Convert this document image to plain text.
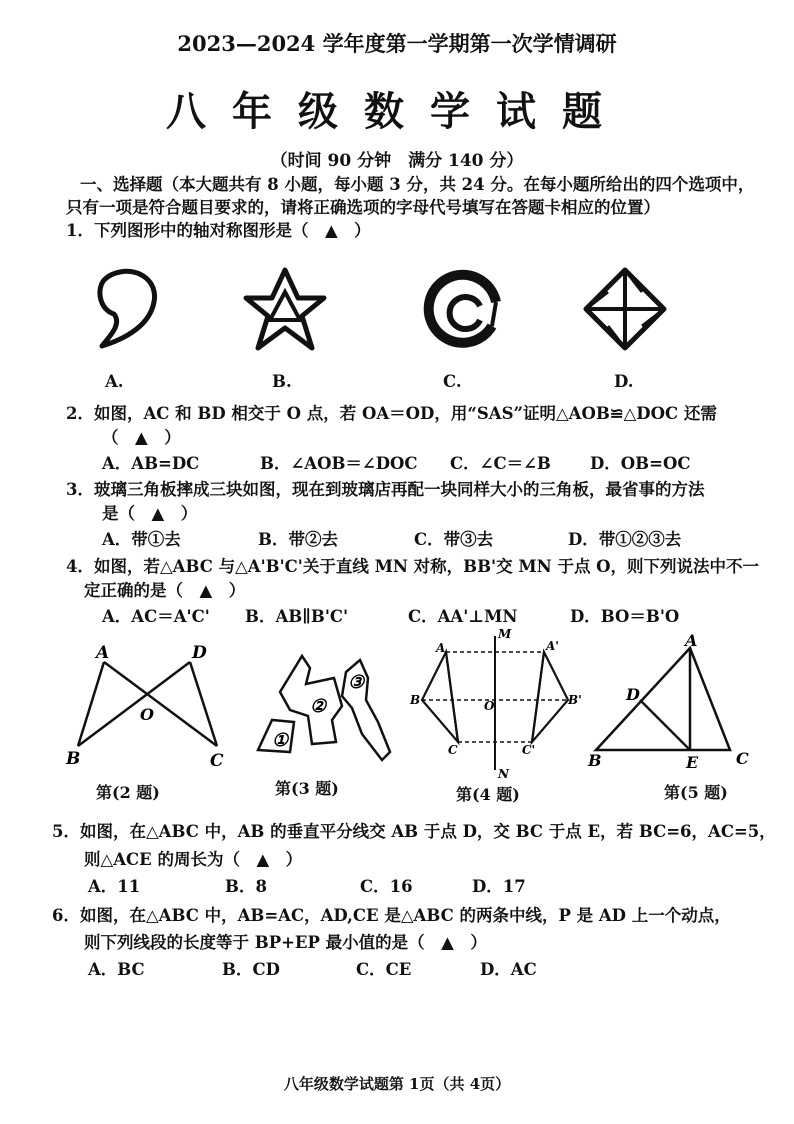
2023—2024 学年度第一学期第一次学情调研
八年级数学试题
（时间 90 分钟　满分 140 分）
一、选择题（本大题共有 8 小题，每小题 3 分，共 24 分。在每小题所给出的四个选项中，
只有一项是符合题目要求的，请将正确选项的字母代号填写在答题卡相应的位置）
1．下列图形中的轴对称图形是（　▲　）
A.	B.	C.	D.
2．如图，AC 和 BD 相交于 O 点，若 OA＝OD，用“SAS”证明△AOB≌△DOC 还需
（　▲　）
A．AB=DC	B．∠AOB＝∠DOC C．∠C＝∠B D．OB=OC
3．玻璃三角板摔成三块如图，现在到玻璃店再配一块同样大小的三角板，最省事的方法
是（　▲　）
A．带①去	B．带②去	C．带③去	D．带①②③去
4．如图，若△ABC 与△A'B'C'关于直线 MN 对称，BB'交 MN 于点 O，则下列说法中不一
定正确的是（　▲　）
A．AC＝A'C' B．AB∥B'C'	C．AA'⊥MN	D．BO＝B'O
A	D
O
B	C
第(2 题)
①
②
③
第(3 题)
M
N
A	A'
B	B'
C	C'
O
第(4 题)
A
D
B	E C
第(5 题)
5．如图，在△ABC 中，AB 的垂直平分线交 AB 于点 D，交 BC 于点 E，若 BC=6，AC=5，
则△ACE 的周长为（　▲　）
A．11	B．8	C．16	D．17
6．如图，在△ABC 中，AB=AC，AD,CE 是△ABC 的两条中线，P 是 AD 上一个动点，
则下列线段的长度等于 BP+EP 最小值的是（　▲　）
A．BC	B．CD	C．CE	D．AC
八年级数学试题第 1页（共 4页）
